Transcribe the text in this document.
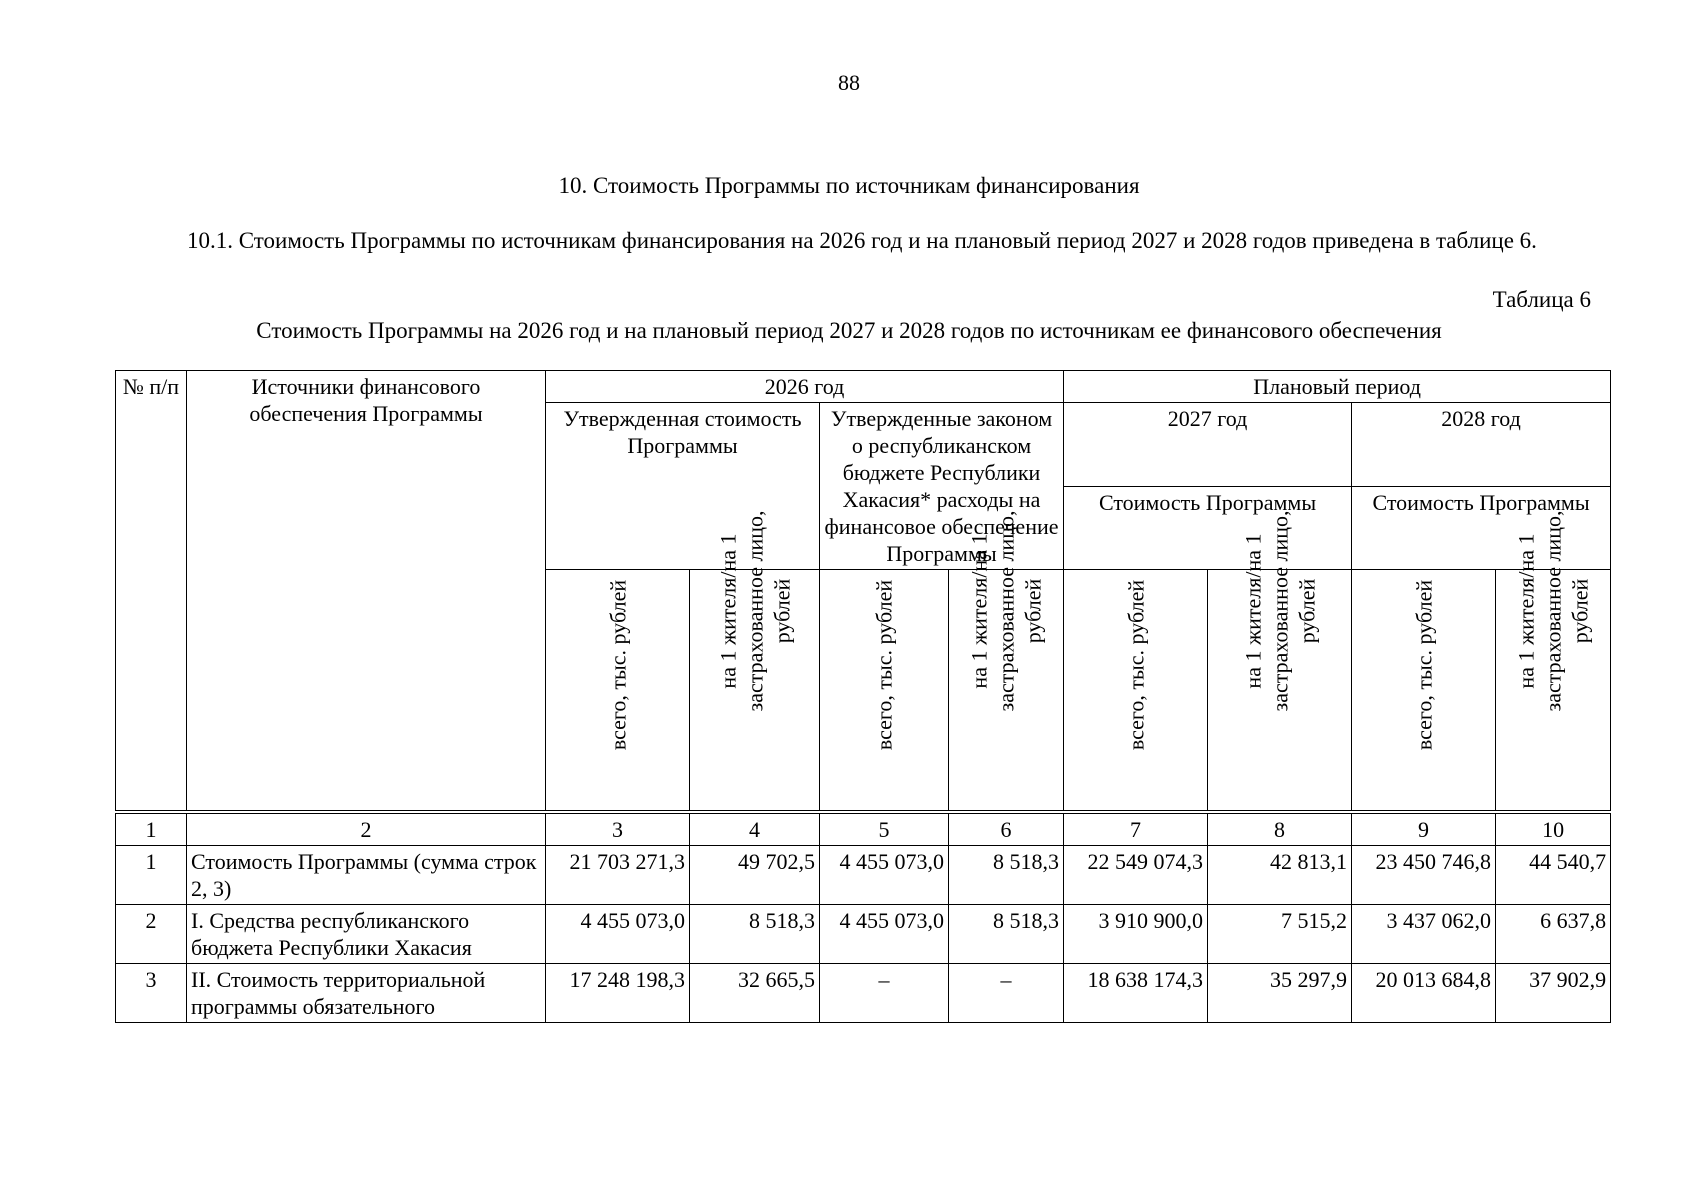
88
10. Стоимость Программы по источникам финансирования
10.1. Стоимость Программы по источникам финансирования на 2026 год и на плановый период 2027 и 2028 годов приведена в таблице 6.
Таблица 6
Стоимость Программы на 2026 год и на плановый период 2027 и 2028 годов по источникам ее финансового обеспечения
№ п/п	Источники финансового обеспечения Программы	2026 год				Плановый период			
		Утвержденная стоимость Программы		Утвержденные законом о республиканском бюджете Республики Хакасия* расходы на финансовое обеспечение Программы		2027 год		2028 год	
						Стоимость Программы		Стоимость Программы	

		всего, тыс. рублей	на 1 жителя/на 1 застрахованное лицо, рублей	всего, тыс. рублей	на 1 жителя/на 1 застрахованное лицо, рублей	всего, тыс. рублей	на 1 жителя/на 1 застрахованное лицо, рублей	всего, тыс. рублей	на 1 жителя/на 1 застрахованное лицо, рублей

1	2	3	4	5	6	7	8	9	10
1	Стоимость Программы (сумма строк 2, 3)	21 703 271,3	49 702,5	4 455 073,0	8 518,3	22 549 074,3	42 813,1	23 450 746,8	44 540,7
2	I. Средства республиканского бюджета Республики Хакасия	4 455 073,0	8 518,3	4 455 073,0	8 518,3	3 910 900,0	7 515,2	3 437 062,0	6 637,8
3	II. Стоимость территориальной программы обязательного	17 248 198,3	32 665,5	–	–	18 638 174,3	35 297,9	20 013 684,8	37 902,9
